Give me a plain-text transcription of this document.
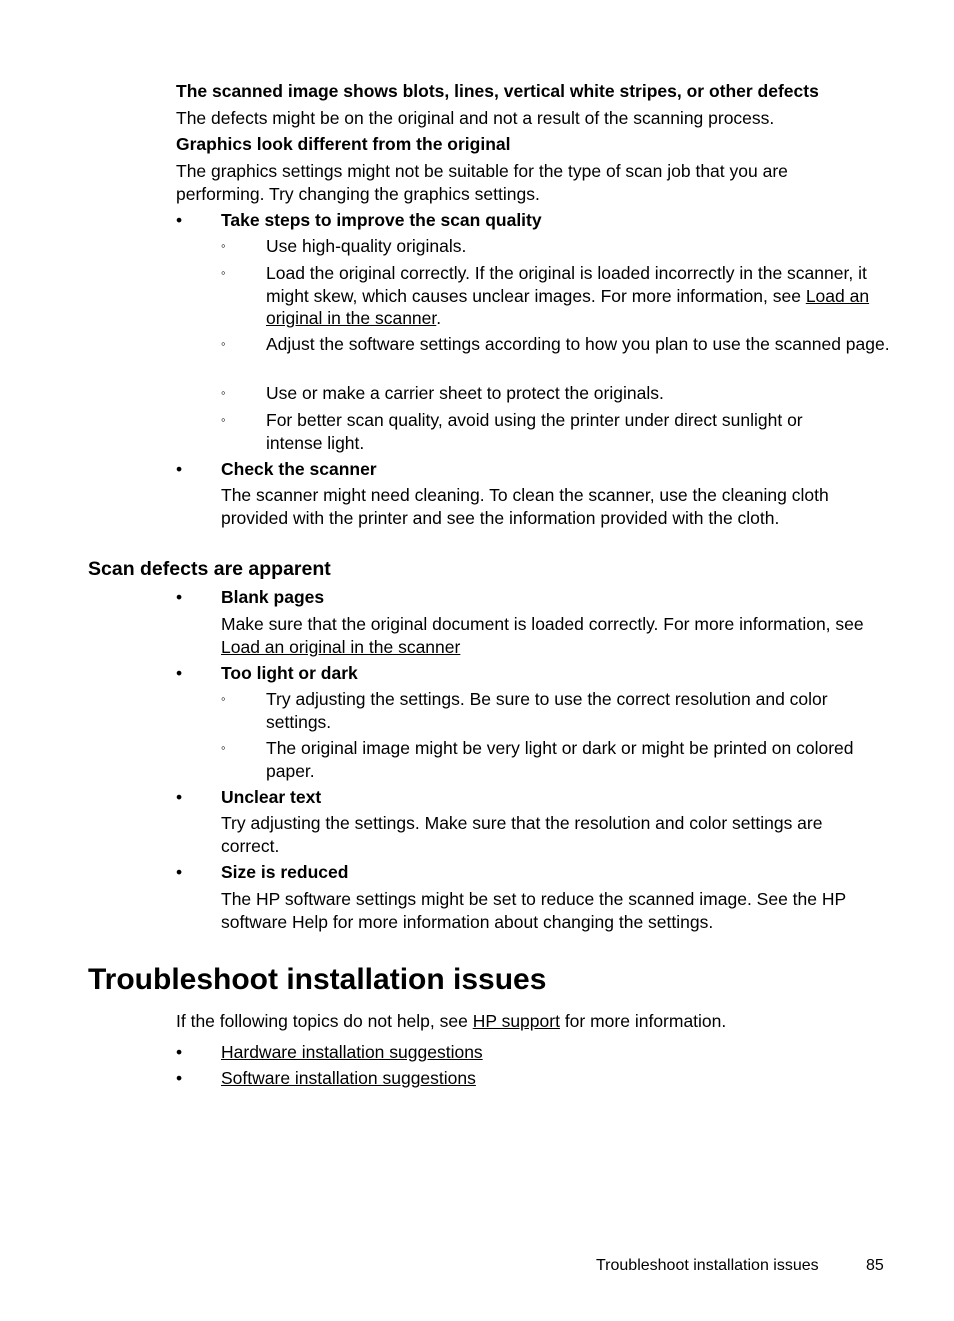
The scanned image shows blots, lines, vertical white stripes, or other defects

The defects might be on the original and not a result of the scanning process.

Graphics look different from the original

The graphics settings might not be suitable for the type of scan job that you are performing. Try changing the graphics settings.

• Take steps to improve the scan quality

◦ Use high-quality originals.

◦ Load the original correctly. If the original is loaded incorrectly in the scanner, it might skew, which causes unclear images. For more information, see Load an original in the scanner.

◦ Adjust the software settings according to how you plan to use the scanned page.

◦ Use or make a carrier sheet to protect the originals.

◦ For better scan quality, avoid using the printer under direct sunlight or intense light.

• Check the scanner

The scanner might need cleaning. To clean the scanner, use the cleaning cloth provided with the printer and see the information provided with the cloth.

Scan defects are apparent

• Blank pages

Make sure that the original document is loaded correctly. For more information, see Load an original in the scanner

• Too light or dark

◦ Try adjusting the settings. Be sure to use the correct resolution and color settings.

◦ The original image might be very light or dark or might be printed on colored paper.

• Unclear text

Try adjusting the settings. Make sure that the resolution and color settings are correct.

• Size is reduced

The HP software settings might be set to reduce the scanned image. See the HP software Help for more information about changing the settings.

Troubleshoot installation issues

If the following topics do not help, see HP support for more information.

• Hardware installation suggestions
• Software installation suggestions
Troubleshoot installation issues	85
